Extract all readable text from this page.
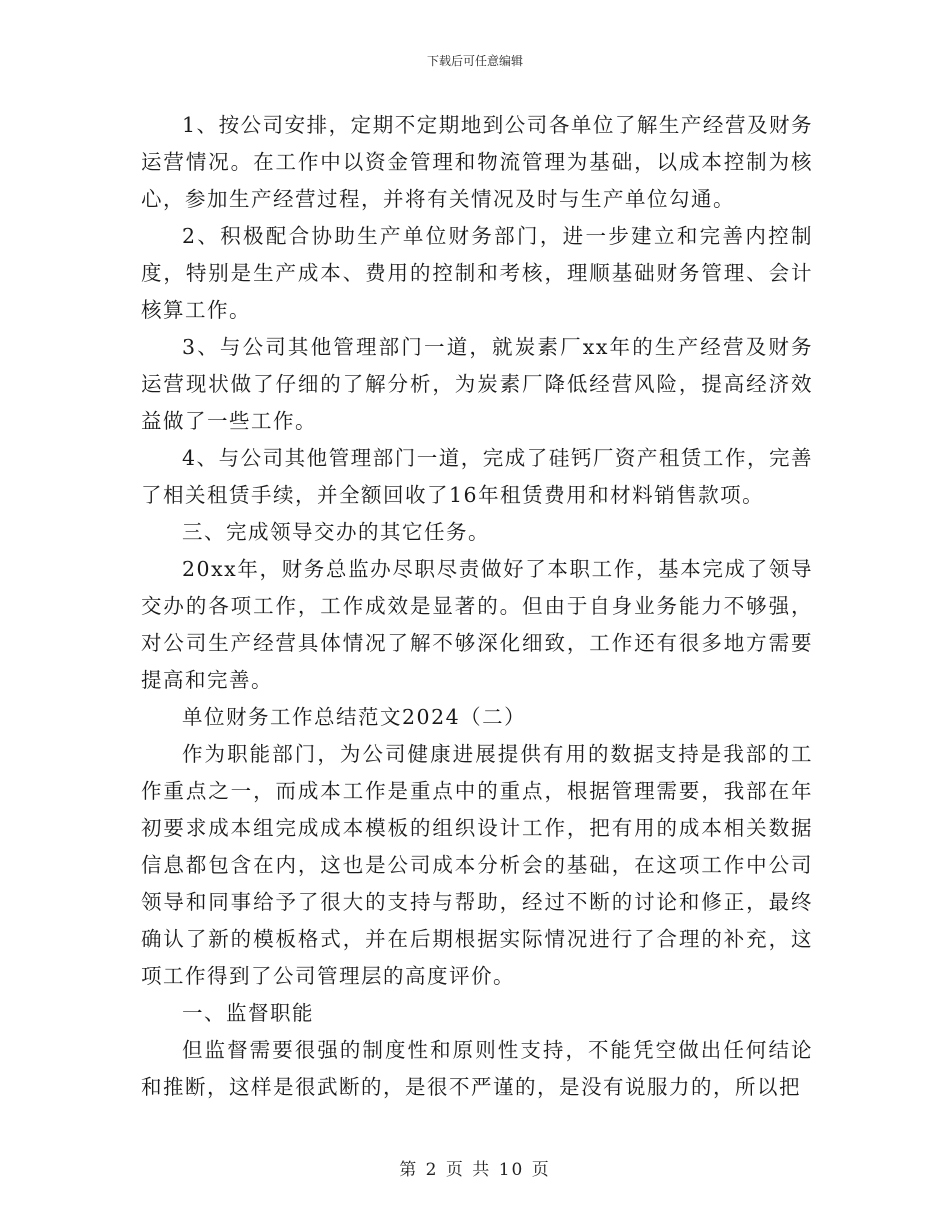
下载后可任意编辑

1、按公司安排，定期不定期地到公司各单位了解生产经营及财务运营情况。在工作中以资金管理和物流管理为基础，以成本控制为核心，参加生产经营过程，并将有关情况及时与生产单位勾通。

2、积极配合协助生产单位财务部门，进一步建立和完善内控制度，特别是生产成本、费用的控制和考核，理顺基础财务管理、会计核算工作。

3、与公司其他管理部门一道，就炭素厂xx年的生产经营及财务运营现状做了仔细的了解分析，为炭素厂降低经营风险，提高经济效益做了一些工作。

4、与公司其他管理部门一道，完成了硅钙厂资产租赁工作，完善了相关租赁手续，并全额回收了16年租赁费用和材料销售款项。

三、完成领导交办的其它任务。

20xx年，财务总监办尽职尽责做好了本职工作，基本完成了领导交办的各项工作，工作成效是显著的。但由于自身业务能力不够强，对公司生产经营具体情况了解不够深化细致，工作还有很多地方需要提高和完善。

单位财务工作总结范文2024（二）

作为职能部门，为公司健康进展提供有用的数据支持是我部的工作重点之一，而成本工作是重点中的重点，根据管理需要，我部在年初要求成本组完成成本模板的组织设计工作，把有用的成本相关数据信息都包含在内，这也是公司成本分析会的基础，在这项工作中公司领导和同事给予了很大的支持与帮助，经过不断的讨论和修正，最终确认了新的模板格式，并在后期根据实际情况进行了合理的补充，这项工作得到了公司管理层的高度评价。

一、监督职能

但监督需要很强的制度性和原则性支持，不能凭空做出任何结论和推断，这样是很武断的，是很不严谨的，是没有说服力的，所以把

第 2 页 共 10 页
